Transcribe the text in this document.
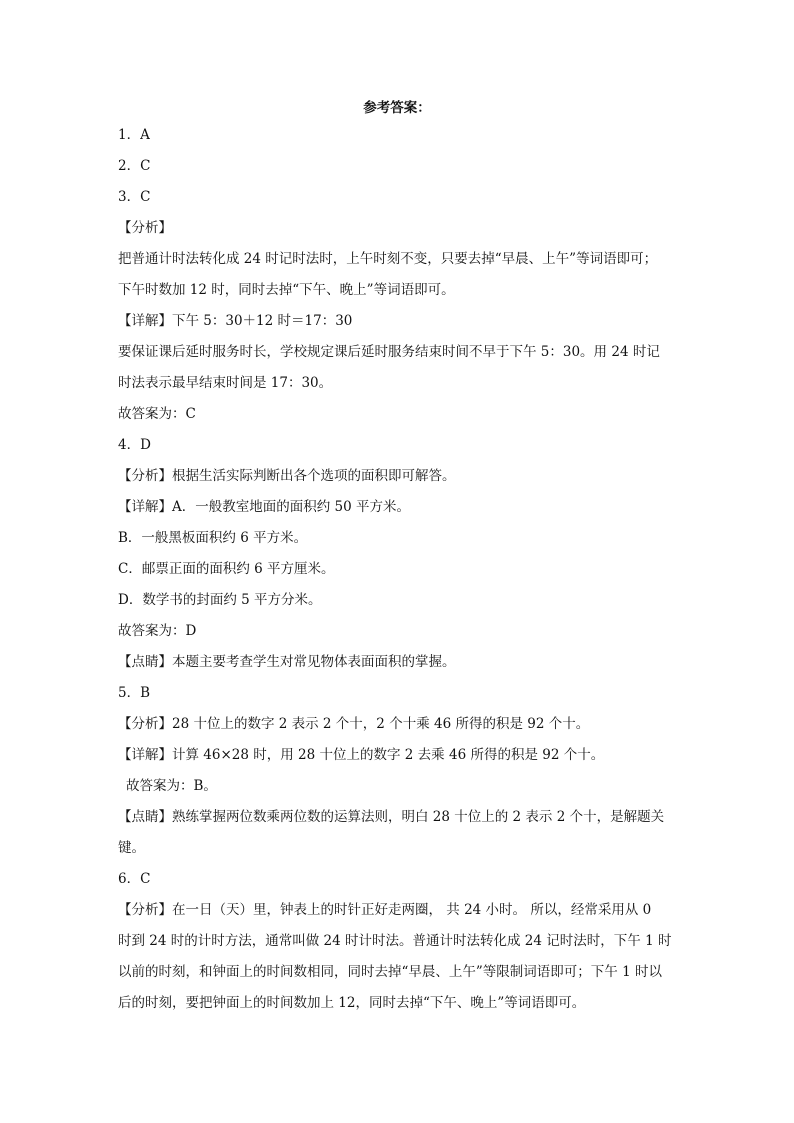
参考答案：
1．A
2．C
3．C
【分析】
把普通计时法转化成 24 时记时法时，上午时刻不变，只要去掉“早晨、上午”等词语即可；
下午时数加 12 时，同时去掉“下午、晚上”等词语即可。
【详解】下午 5：30＋12 时＝17：30
要保证课后延时服务时长，学校规定课后延时服务结束时间不早于下午 5：30。用 24 时记
时法表示最早结束时间是 17：30。
故答案为：C
4．D
【分析】根据生活实际判断出各个选项的面积即可解答。
【详解】A．一般教室地面的面积约 50 平方米。
B．一般黑板面积约 6 平方米。
C．邮票正面的面积约 6 平方厘米。
D．数学书的封面约 5 平方分米。
故答案为：D
【点睛】本题主要考查学生对常见物体表面面积的掌握。
5．B
【分析】28 十位上的数字 2 表示 2 个十，2 个十乘 46 所得的积是 92 个十。
【详解】计算 46×28 时，用 28 十位上的数字 2 去乘 46 所得的积是 92 个十。
故答案为：B。
【点睛】熟练掌握两位数乘两位数的运算法则，明白 28 十位上的 2 表示 2 个十，是解题关
键。
6．C
【分析】在一日（天）里，钟表上的时针正好走两圈， 共 24 小时。 所以，经常采用从 0
时到 24 时的计时方法，通常叫做 24 时计时法。普通计时法转化成 24 记时法时，下午 1 时
以前的时刻，和钟面上的时间数相同，同时去掉“早晨、上午”等限制词语即可；下午 1 时以
后的时刻，要把钟面上的时间数加上 12，同时去掉“下午、晚上”等词语即可。
